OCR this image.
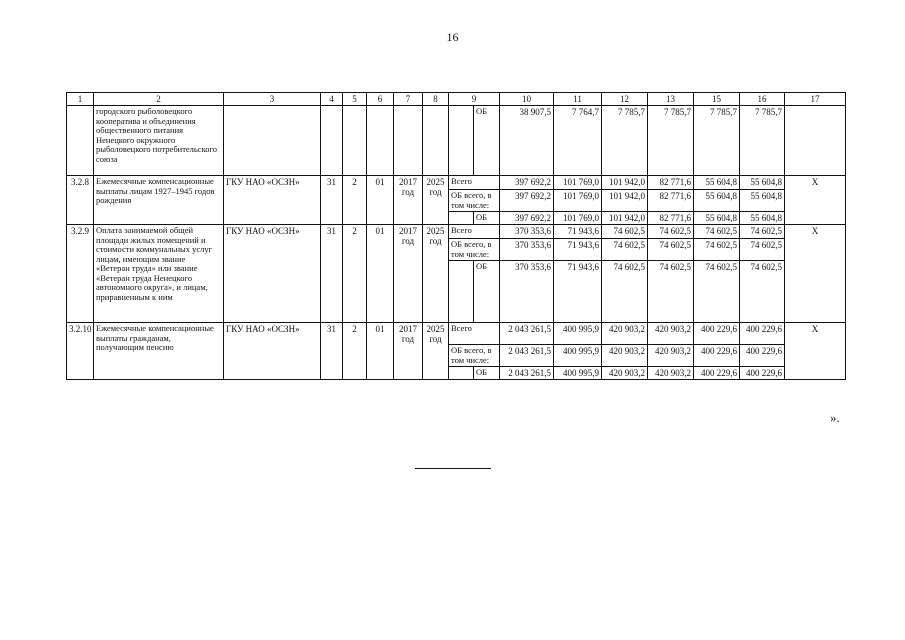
16
1	2	3	4	5	6	7	8	9		10	11	12	13	15	16	17
	городского рыболовецкого кооператива и объединения общественного питания Ненецкого окружного рыболовецкого потребительского союза								ОБ	38 907,5	7 764,7	7 785,7	7 785,7	7 785,7	7 785,7	
3.2.8	Ежемесячные компенсационные выплаты лицам 1927–1945 годов рождения	ГКУ НАО «ОСЗН»	31	2	01	2017 год	2025 год	Всего		397 692,2	101 769,0	101 942,0	82 771,6	55 604,8	55 604,8	Х
								ОБ всего, в том числе:		397 692,2	101 769,0	101 942,0	82 771,6	55 604,8	55 604,8	
									ОБ	397 692,2	101 769,0	101 942,0	82 771,6	55 604,8	55 604,8	
3.2.9	Оплата занимаемой общей площади жилых помещений и стоимости коммунальных услуг лицам, имеющим звание «Ветеран труда» или звание «Ветеран труда Ненецкого автономного округа», и лицам, приравненным к ним	ГКУ НАО «ОСЗН»	31	2	01	2017 год	2025 год	Всего		370 353,6	71 943,6	74 602,5	74 602,5	74 602,5	74 602,5	Х
								ОБ всего, в том числе:		370 353,6	71 943,6	74 602,5	74 602,5	74 602,5	74 602,5	
									ОБ	370 353,6	71 943,6	74 602,5	74 602,5	74 602,5	74 602,5	
3.2.10	Ежемесячные компенсационные выплаты гражданам, получающим пенсию	ГКУ НАО «ОСЗН»	31	2	01	2017 год	2025 год	Всего		2 043 261,5	400 995,9	420 903,2	420 903,2	400 229,6	400 229,6	Х
								ОБ всего, в том числе:		2 043 261,5	400 995,9	420 903,2	420 903,2	400 229,6	400 229,6	
									ОБ	2 043 261,5	400 995,9	420 903,2	420 903,2	400 229,6	400 229,6	
».
